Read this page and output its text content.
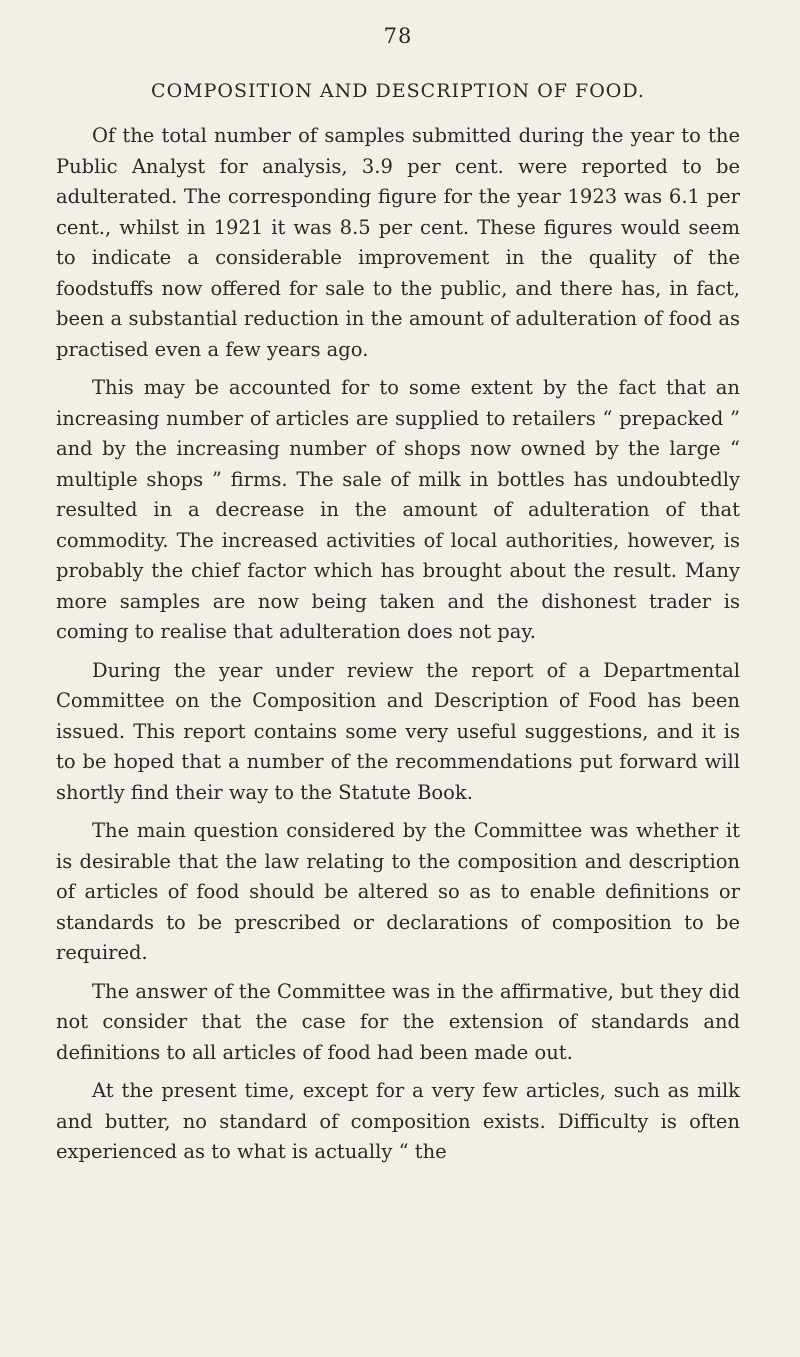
78
COMPOSITION AND DESCRIPTION OF FOOD.

Of the total number of samples submitted during the year to the Public Analyst for analysis, 3.9 per cent. were reported to be adulterated. The corresponding figure for the year 1923 was 6.1 per cent., whilst in 1921 it was 8.5 per cent. These figures would seem to indicate a considerable improvement in the quality of the foodstuffs now offered for sale to the public, and there has, in fact, been a substantial reduction in the amount of adulteration of food as practised even a few years ago.

This may be accounted for to some extent by the fact that an increasing number of articles are supplied to retailers “ prepacked ” and by the increasing number of shops now owned by the large “ multiple shops ” firms. The sale of milk in bottles has undoubtedly resulted in a decrease in the amount of adulteration of that commodity. The increased activities of local authorities, however, is probably the chief factor which has brought about the result. Many more samples are now being taken and the dishonest trader is coming to realise that adulteration does not pay.

During the year under review the report of a Departmental Committee on the Composition and Description of Food has been issued. This report contains some very useful suggestions, and it is to be hoped that a number of the recommendations put forward will shortly find their way to the Statute Book.

The main question considered by the Committee was whether it is desirable that the law relating to the composition and description of articles of food should be altered so as to enable definitions or standards to be prescribed or declarations of composition to be required.

The answer of the Committee was in the affirmative, but they did not consider that the case for the extension of standards and definitions to all articles of food had been made out.

At the present time, except for a very few articles, such as milk and butter, no standard of composition exists. Difficulty is often experienced as to what is actually “ the
